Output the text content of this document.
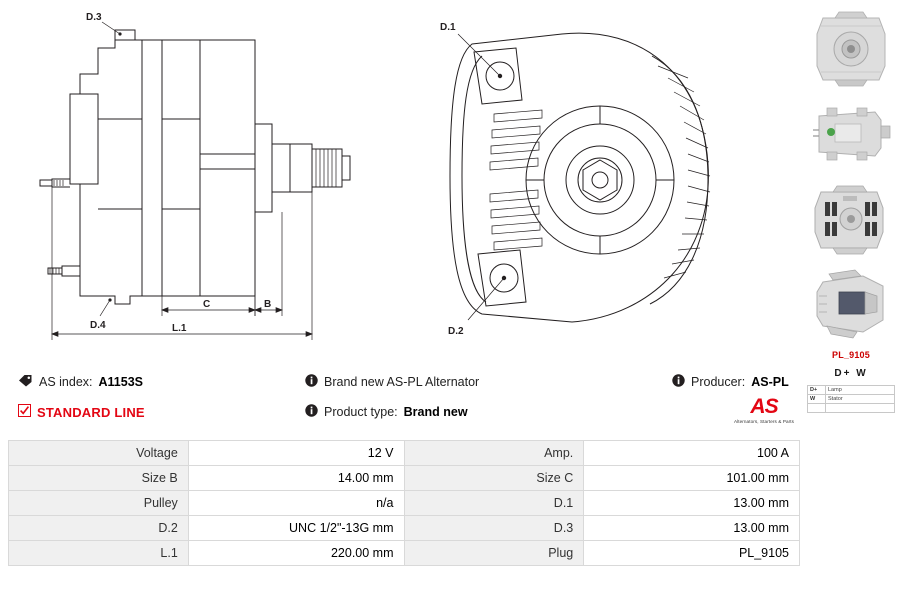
D.3
D.4
C	B
L.1
D.1
D.2
PL_9105
D+ W
D+	Lamp
W	Stator

AS index: A1153S
STANDARD LINE
Brand new AS-PL Alternator
Product type: Brand new
Producer: AS-PL
AS
Alternators, Starters & Parts
Voltage	12 V	Amp.	100 A
Size B	14.00 mm	Size C	101.00 mm
Pulley	n/a	D.1	13.00 mm
D.2	UNC 1/2"-13G mm	D.3	13.00 mm
L.1	220.00 mm	Plug	PL_9105
